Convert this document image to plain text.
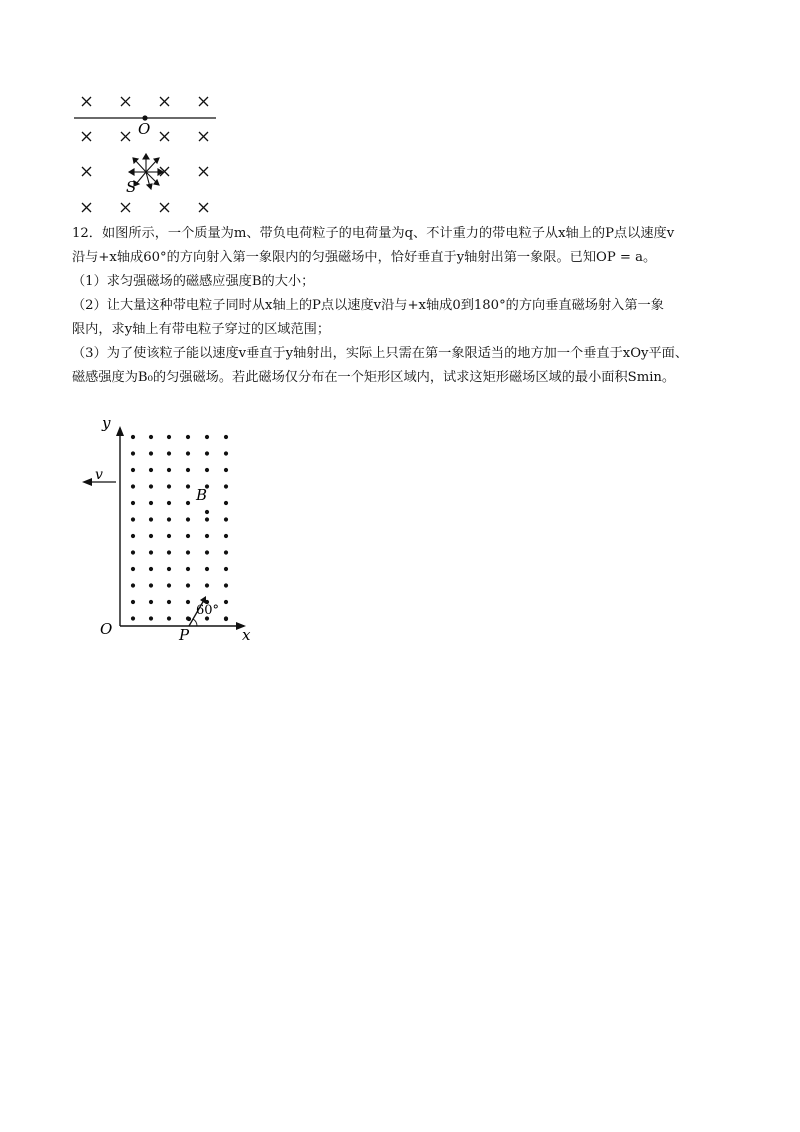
O
S
12．如图所示，一个质量为m、带负电荷粒子的电荷量为q、不计重力的带电粒子从x轴上的P点以速度v
沿与+x轴成60°的方向射入第一象限内的匀强磁场中，恰好垂直于y轴射出第一象限。已知OP = a。
（1）求匀强磁场的磁感应强度B的大小；
（2）让大量这种带电粒子同时从x轴上的P点以速度v沿与+x轴成0到180°的方向垂直磁场射入第一象
限内，求y轴上有带电粒子穿过的区域范围；
（3）为了使该粒子能以速度v垂直于y轴射出，实际上只需在第一象限适当的地方加一个垂直于xOy平面、
磁感强度为B₀的匀强磁场。若此磁场仅分布在一个矩形区域内，试求这矩形磁场区域的最小面积Smin。
y
x
O
v
B
60°
P
